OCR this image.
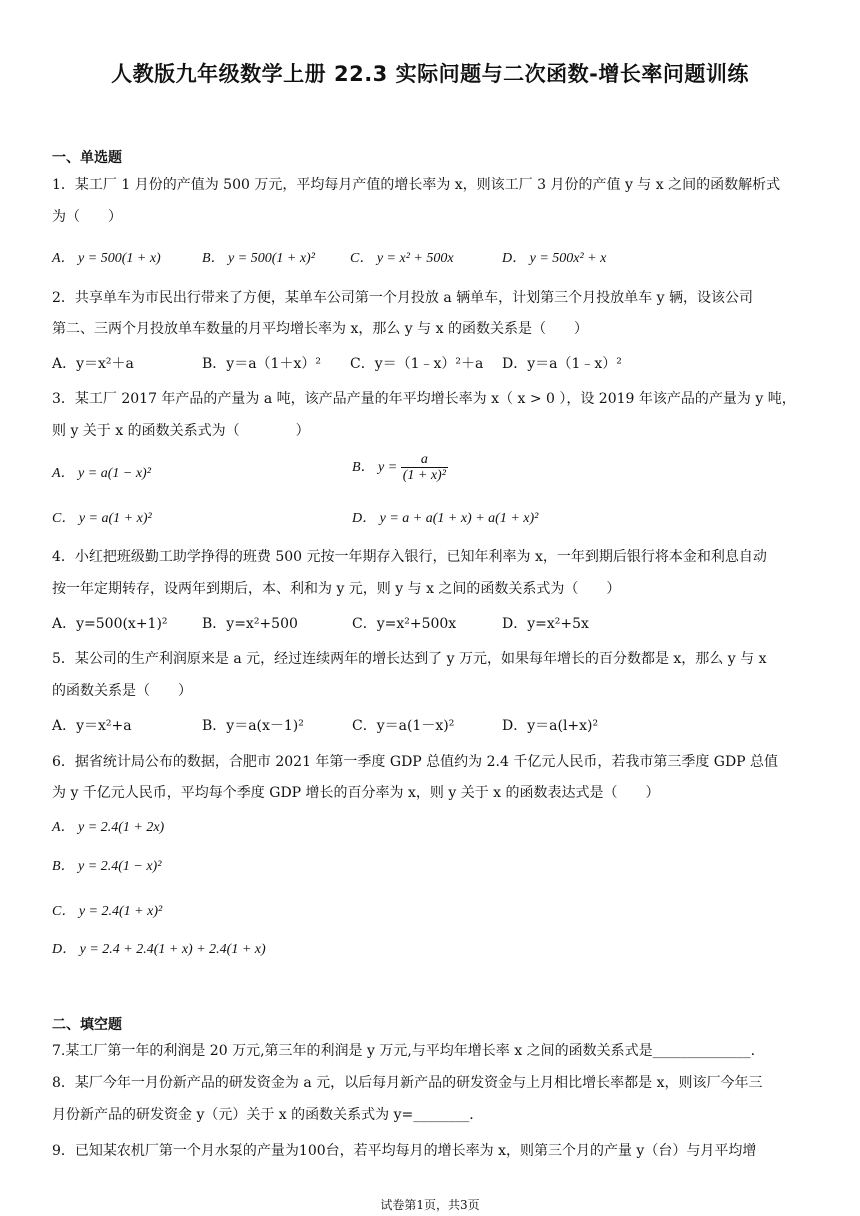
人教版九年级数学上册 22.3 实际问题与二次函数-增长率问题训练
一、单选题
1．某工厂 1 月份的产值为 500 万元，平均每月产值的增长率为 x，则该工厂 3 月份的产值 y 与 x 之间的函数解析式
为（　　）
A． y = 500(1 + x)	B． y = 500(1 + x)²	C． y = x² + 500x	D． y = 500x² + x
2．共享单车为市民出行带来了方便，某单车公司第一个月投放 a 辆单车，计划第三个月投放单车 y 辆，设该公司
第二、三两个月投放单车数量的月平均增长率为 x，那么 y 与 x 的函数关系是（　　）
A．y＝x²＋a	B．y＝a（1＋x）² C．y＝（1﹣x）²＋a D．y＝a（1﹣x）²
3．某工厂 2017 年产品的产量为 a 吨，该产品产量的年平均增长率为 x（ x > 0 ），设 2019 年该产品的产量为 y 吨，
则 y 关于 x 的函数关系式为（　　　　）
A． y = a(1 − x)²	B． $y = \frac{a}{\text{(1 + x)²}}$
C． y = a(1 + x)²	D． y = a + a(1 + x) + a(1 + x)²
4．小红把班级勤工助学挣得的班费 500 元按一年期存入银行，已知年利率为 x，一年到期后银行将本金和利息自动
按一年定期转存，设两年到期后，本、利和为 y 元，则 y 与 x 之间的函数关系式为（　　）
A．y=500(x+1)² B．y=x²+500	C．y=x²+500x	D．y=x²+5x
5．某公司的生产利润原来是 a 元，经过连续两年的增长达到了 y 万元，如果每年增长的百分数都是 x，那么 y 与 x
的函数关系是（　　）
A．y＝x²+a	B．y＝a(x－1)²	C．y＝a(1－x)²	D．y＝a(l+x)²
6．据省统计局公布的数据，合肥市 2021 年第一季度 GDP 总值约为 2.4 千亿元人民币，若我市第三季度 GDP 总值
为 y 千亿元人民币，平均每个季度 GDP 增长的百分率为 x，则 y 关于 x 的函数表达式是（　　）
A． y = 2.4(1 + 2x)
B． y = 2.4(1 − x)²
C． y = 2.4(1 + x)²
D． y = 2.4 + 2.4(1 + x) + 2.4(1 + x)
二、填空题
7.某工厂第一年的利润是 20 万元,第三年的利润是 y 万元,与平均年增长率 x 之间的函数关系式是______________.
8．某厂今年一月份新产品的研发资金为 a 元，以后每月新产品的研发资金与上月相比增长率都是 x，则该厂今年三
月份新产品的研发资金 y（元）关于 x 的函数关系式为 y=________.
9．已知某农机厂第一个月水泵的产量为100台，若平均每月的增长率为 x，则第三个月的产量 y（台）与月平均增
试卷第1页，共3页
